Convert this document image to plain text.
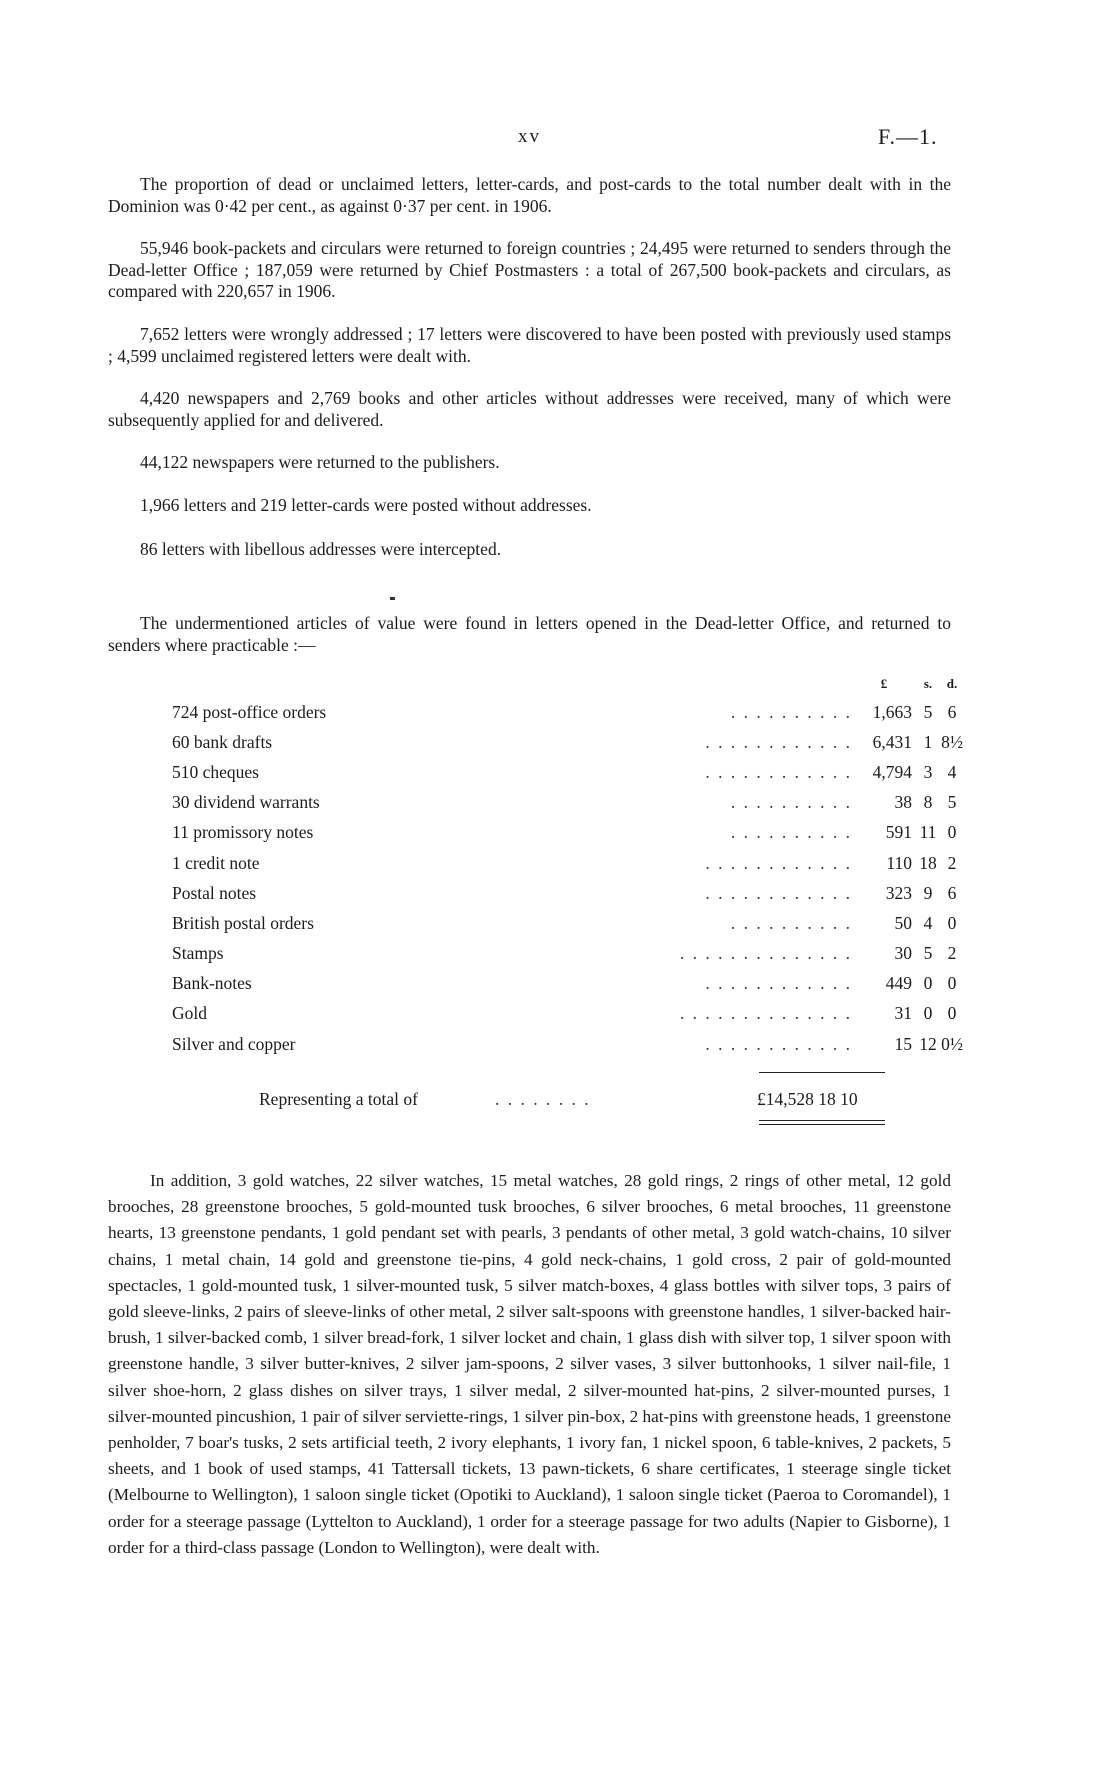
xv	F.—1.

The proportion of dead or unclaimed letters, letter-cards, and post-cards to the total number dealt with in the Dominion was 0·42 per cent., as against 0·37 per cent. in 1906.

55,946 book-packets and circulars were returned to foreign countries ; 24,495 were returned to senders through the Dead-letter Office ; 187,059 were returned by Chief Postmasters : a total of 267,500 book-packets and circulars, as compared with 220,657 in 1906.

7,652 letters were wrongly addressed ; 17 letters were discovered to have been posted with previously used stamps ; 4,599 unclaimed registered letters were dealt with.

4,420 newspapers and 2,769 books and other articles without addresses were received, many of which were subsequently applied for and delivered.

44,122 newspapers were returned to the publishers.

1,966 letters and 219 letter-cards were posted without addresses.

86 letters with libellous addresses were intercepted.

The undermentioned articles of value were found in letters opened in the Dead-letter Office, and returned to senders where practicable :—

		£	s.	d.
724 post-office orders	. . . . . . . . . .	1,663	5	6
60 bank drafts	. . . . . . . . . . . .	6,431	1	8½
510 cheques	. . . . . . . . . . . .	4,794	3	4
30 dividend warrants	. . . . . . . . . .	38	8	5
11 promissory notes	. . . . . . . . . .	591	11	0
1 credit note	. . . . . . . . . . . .	110	18	2
Postal notes	. . . . . . . . . . . .	323	9	6
British postal orders	. . . . . . . . . .	50	4	0
Stamps	. . . . . . . . . . . . . .	30	5	2
Bank-notes	. . . . . . . . . . . .	449	0	0
Gold	. . . . . . . . . . . . . .	31	0	0
Silver and copper	. . . . . . . . . . . .	15	12	0½
Representing a total of	. . . . . . . .	£14,528 18 10

In addition, 3 gold watches, 22 silver watches, 15 metal watches, 28 gold rings, 2 rings of other metal, 12 gold brooches, 28 greenstone brooches, 5 gold-mounted tusk brooches, 6 silver brooches, 6 metal brooches, 11 greenstone hearts, 13 greenstone pendants, 1 gold pendant set with pearls, 3 pendants of other metal, 3 gold watch-chains, 10 silver chains, 1 metal chain, 14 gold and greenstone tie-pins, 4 gold neck-chains, 1 gold cross, 2 pair of gold-mounted spectacles, 1 gold-mounted tusk, 1 silver-mounted tusk, 5 silver match-boxes, 4 glass bottles with silver tops, 3 pairs of gold sleeve-links, 2 pairs of sleeve-links of other metal, 2 silver salt-spoons with greenstone handles, 1 silver-backed hair-brush, 1 silver-backed comb, 1 silver bread-fork, 1 silver locket and chain, 1 glass dish with silver top, 1 silver spoon with greenstone handle, 3 silver butter-knives, 2 silver jam-spoons, 2 silver vases, 3 silver buttonhooks, 1 silver nail-file, 1 silver shoe-horn, 2 glass dishes on silver trays, 1 silver medal, 2 silver-mounted hat-pins, 2 silver-mounted purses, 1 silver-mounted pincushion, 1 pair of silver serviette-rings, 1 silver pin-box, 2 hat-pins with greenstone heads, 1 greenstone penholder, 7 boar's tusks, 2 sets artificial teeth, 2 ivory elephants, 1 ivory fan, 1 nickel spoon, 6 table-knives, 2 packets, 5 sheets, and 1 book of used stamps, 41 Tattersall tickets, 13 pawn-tickets, 6 share certificates, 1 steerage single ticket (Melbourne to Wellington), 1 saloon single ticket (Opotiki to Auckland), 1 saloon single ticket (Paeroa to Coromandel), 1 order for a steerage passage (Lyttelton to Auckland), 1 order for a steerage passage for two adults (Napier to Gisborne), 1 order for a third-class passage (London to Wellington), were dealt with.
